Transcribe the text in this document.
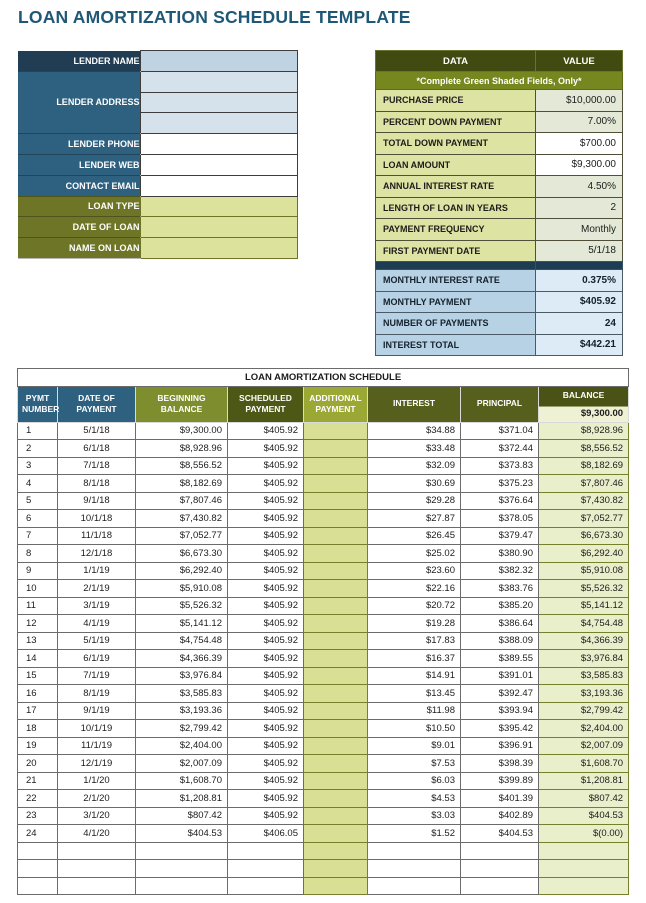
LOAN AMORTIZATION SCHEDULE TEMPLATE
LENDER NAME	
LENDER ADDRESS	

LENDER PHONE	
LENDER WEB	
CONTACT EMAIL	
LOAN TYPE	
DATE OF LOAN	
NAME ON LOAN	
DATA	VALUE
*Complete Green Shaded Fields, Only*	
PURCHASE PRICE	$10,000.00
PERCENT DOWN PAYMENT	7.00%
TOTAL DOWN PAYMENT	$700.00
LOAN AMOUNT	$9,300.00
ANNUAL INTEREST RATE	4.50%
LENGTH OF LOAN IN YEARS	2
PAYMENT FREQUENCY	Monthly
FIRST PAYMENT DATE	5/1/18

MONTHLY INTEREST RATE	0.375%
MONTHLY PAYMENT	$405.92
NUMBER OF PAYMENTS	24
INTEREST TOTAL	$442.21
LOAN AMORTIZATION SCHEDULE							
PYMT NUMBER	DATE OF PAYMENT	BEGINNING BALANCE	SCHEDULED PAYMENT	ADDITIONAL PAYMENT	INTEREST	PRINCIPAL	BALANCE
$9,300.00

1	5/1/18	$9,300.00	$405.92		$34.88	$371.04	$8,928.96
2	6/1/18	$8,928.96	$405.92		$33.48	$372.44	$8,556.52
3	7/1/18	$8,556.52	$405.92		$32.09	$373.83	$8,182.69
4	8/1/18	$8,182.69	$405.92		$30.69	$375.23	$7,807.46
5	9/1/18	$7,807.46	$405.92		$29.28	$376.64	$7,430.82
6	10/1/18	$7,430.82	$405.92		$27.87	$378.05	$7,052.77
7	11/1/18	$7,052.77	$405.92		$26.45	$379.47	$6,673.30
8	12/1/18	$6,673.30	$405.92		$25.02	$380.90	$6,292.40
9	1/1/19	$6,292.40	$405.92		$23.60	$382.32	$5,910.08
10	2/1/19	$5,910.08	$405.92		$22.16	$383.76	$5,526.32
11	3/1/19	$5,526.32	$405.92		$20.72	$385.20	$5,141.12
12	4/1/19	$5,141.12	$405.92		$19.28	$386.64	$4,754.48
13	5/1/19	$4,754.48	$405.92		$17.83	$388.09	$4,366.39
14	6/1/19	$4,366.39	$405.92		$16.37	$389.55	$3,976.84
15	7/1/19	$3,976.84	$405.92		$14.91	$391.01	$3,585.83
16	8/1/19	$3,585.83	$405.92		$13.45	$392.47	$3,193.36
17	9/1/19	$3,193.36	$405.92		$11.98	$393.94	$2,799.42
18	10/1/19	$2,799.42	$405.92		$10.50	$395.42	$2,404.00
19	11/1/19	$2,404.00	$405.92		$9.01	$396.91	$2,007.09
20	12/1/19	$2,007.09	$405.92		$7.53	$398.39	$1,608.70
21	1/1/20	$1,608.70	$405.92		$6.03	$399.89	$1,208.81
22	2/1/20	$1,208.81	$405.92		$4.53	$401.39	$807.42
23	3/1/20	$807.42	$405.92		$3.03	$402.89	$404.53
24	4/1/20	$404.53	$406.05		$1.52	$404.53	$(0.00)
